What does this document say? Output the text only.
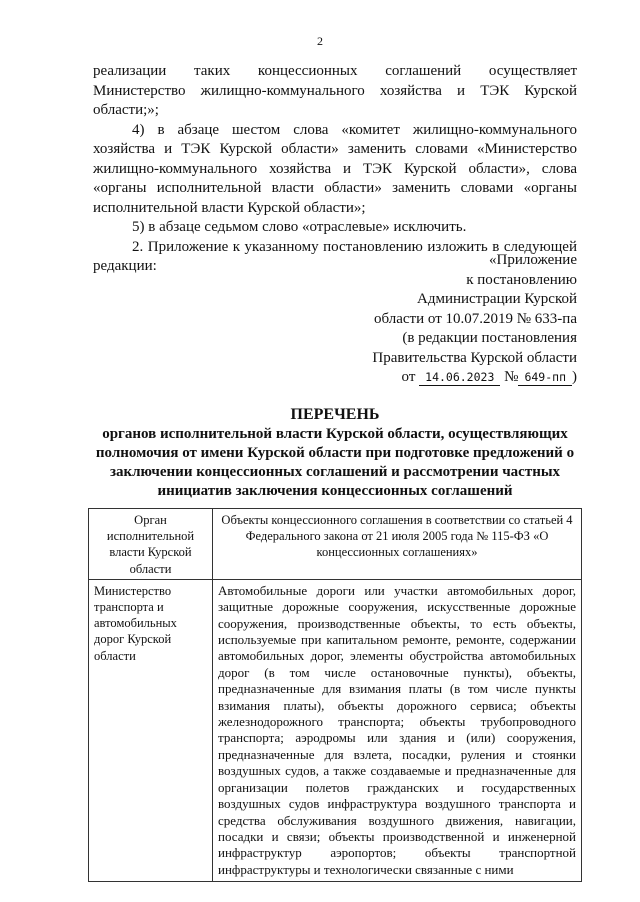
2

реализации таких концессионных соглашений осуществляет Министерство жилищно-коммунального хозяйства и ТЭК Курской области;»;

4) в абзаце шестом слова «комитет жилищно-коммунального хозяйства и ТЭК Курской области» заменить словами «Министерство жилищно-коммунального хозяйства и ТЭК Курской области», слова «органы исполнительной власти области» заменить словами «органы исполнительной власти Курской области»;

5) в абзаце седьмом слово «отраслевые» исключить.

2. Приложение к указанному постановлению изложить в следующей редакции:	«Приложение
к постановлению
Администрации Курской
области от 10.07.2019 № 633-па
(в редакции постановления
Правительства Курской области
от 14.06.2023 № 649-пп )
ПЕРЕЧЕНЬ
органов исполнительной власти Курской области, осуществляющих полномочия от имени Курской области при подготовке предложений о заключении концессионных соглашений и рассмотрении частных инициатив заключения концессионных соглашений
Орган исполнительной власти Курской области	Объекты концессионного соглашения в соответствии со статьей 4 Федерального закона от 21 июля 2005 года № 115-ФЗ «О концессионных соглашениях»
Министерство транспорта и автомобильных дорог Курской области	Автомобильные дороги или участки автомобильных дорог, защитные дорожные сооружения, искусственные дорожные сооружения, производственные объекты, то есть объекты, используемые при капитальном ремонте, ремонте, содержании автомобильных дорог, элементы обустройства автомобильных дорог (в том числе остановочные пункты), объекты, предназначенные для взимания платы (в том числе пункты взимания платы), объекты дорожного сервиса; объекты железнодорожного транспорта; объекты трубопроводного транспорта; аэродромы или здания и (или) сооружения, предназначенные для взлета, посадки, руления и стоянки воздушных судов, а также создаваемые и предназначенные для организации полетов гражданских и государственных воздушных судов инфраструктура воздушного транспорта и средства обслуживания воздушного движения, навигации, посадки и связи; объекты производственной и инженерной инфраструктур аэропортов; объекты транспортной инфраструктуры и технологически связанные с ними
